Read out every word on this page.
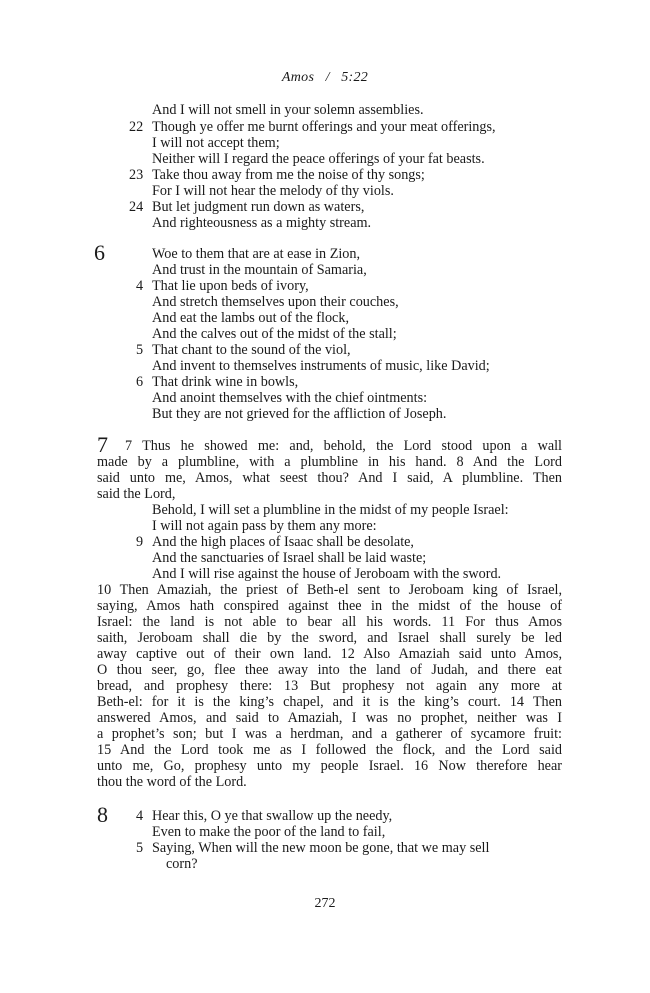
Amos / 5:22
And I will not smell in your solemn assemblies.
22 Though ye offer me burnt offerings and your meat offerings,
I will not accept them;
Neither will I regard the peace offerings of your fat beasts.
23 Take thou away from me the noise of thy songs;
For I will not hear the melody of thy viols.
24 But let judgment run down as waters,
And righteousness as a mighty stream.
6	Woe to them that are at ease in Zion,
And trust in the mountain of Samaria,
4 That lie upon beds of ivory,
And stretch themselves upon their couches,
And eat the lambs out of the flock,
And the calves out of the midst of the stall;
5 That chant to the sound of the viol,
And invent to themselves instruments of music, like David;
6 That drink wine in bowls,
And anoint themselves with the chief ointments:
But they are not grieved for the affliction of Joseph.
7 7 Thus he showed me: and, behold, the Lord stood upon a wall
made by a plumbline, with a plumbline in his hand. 8 And the Lord
said unto me, Amos, what seest thou? And I said, A plumbline. Then
said the Lord,
Behold, I will set a plumbline in the midst of my people Israel:
I will not again pass by them any more:
9 And the high places of Isaac shall be desolate,
And the sanctuaries of Israel shall be laid waste;
And I will rise against the house of Jeroboam with the sword.
10 Then Amaziah, the priest of Beth-el sent to Jeroboam king of Israel,
saying, Amos hath conspired against thee in the midst of the house of
Israel: the land is not able to bear all his words. 11 For thus Amos
saith, Jeroboam shall die by the sword, and Israel shall surely be led
away captive out of their own land. 12 Also Amaziah said unto Amos,
O thou seer, go, flee thee away into the land of Judah, and there eat
bread, and prophesy there: 13 But prophesy not again any more at
Beth-el: for it is the king’s chapel, and it is the king’s court. 14 Then
answered Amos, and said to Amaziah, I was no prophet, neither was I
a prophet’s son; but I was a herdman, and a gatherer of sycamore fruit:
15 And the Lord took me as I followed the flock, and the Lord said
unto me, Go, prophesy unto my people Israel. 16 Now therefore hear
thou the word of the Lord.
8 4 Hear this, O ye that swallow up the needy,
Even to make the poor of the land to fail,
5 Saying, When will the new moon be gone, that we may sell
corn?
272
